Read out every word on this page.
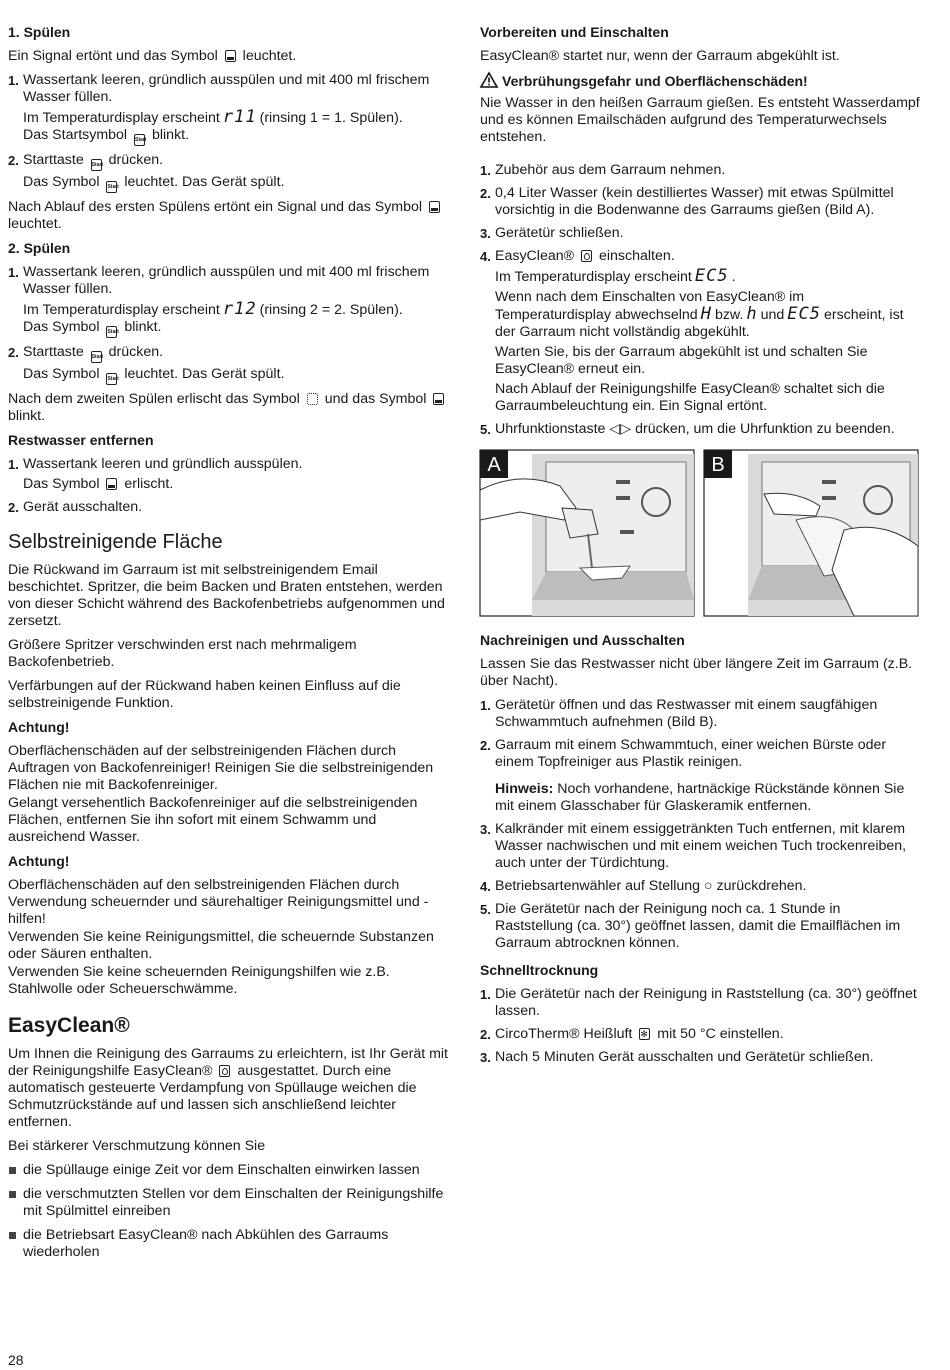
1. Spülen

Ein Signal ertönt und das Symbol  leuchtet.

1. Wassertank leeren, gründlich ausspülen und mit 400 ml frischem Wasser füllen.
Im Temperaturdisplay erscheint r11 (rinsing 1 = 1. Spülen).
Das Startsymbol Start blinkt.
2. Starttaste Start drücken.
Das Symbol Start leuchtet. Das Gerät spült.

Nach Ablauf des ersten Spülens ertönt ein Signal und das Symbol  leuchtet.

2. Spülen
1. Wassertank leeren, gründlich ausspülen und mit 400 ml frischem Wasser füllen.
Im Temperaturdisplay erscheint r12 (rinsing 2 = 2. Spülen).
Das Symbol Start blinkt.
2. Starttaste Start drücken.
Das Symbol Start leuchtet. Das Gerät spült.

Nach dem zweiten Spülen erlischt das Symbol und das Symbol  blinkt.

Restwasser entfernen
1. Wassertank leeren und gründlich ausspülen.
Das Symbol erlischt.
2. Gerät ausschalten.
Selbstreinigende Fläche

Die Rückwand im Garraum ist mit selbstreinigendem Email beschichtet. Spritzer, die beim Backen und Braten entstehen, werden von dieser Schicht während des Backofenbetriebs aufgenommen und zersetzt.

Größere Spritzer verschwinden erst nach mehrmaligem Backofenbetrieb.

Verfärbungen auf der Rückwand haben keinen Einfluss auf die selbstreinigende Funktion.

Achtung!

Oberflächenschäden auf der selbstreinigenden Flächen durch Auftragen von Backofenreiniger! Reinigen Sie die selbstreinigenden Flächen nie mit Backofenreiniger.

Gelangt versehentlich Backofenreiniger auf die selbstreinigenden Flächen, entfernen Sie ihn sofort mit einem Schwamm und ausreichend Wasser.

Achtung!

Oberflächenschäden auf den selbstreinigenden Flächen durch Verwendung scheuernder und säurehaltiger Reinigungsmittel und -hilfen!

Verwenden Sie keine Reinigungsmittel, die scheuernde Substanzen oder Säuren enthalten.

Verwenden Sie keine scheuernden Reinigungshilfen wie z.B. Stahlwolle oder Scheuerschwämme.

EasyClean®

Um Ihnen die Reinigung des Garraums zu erleichtern, ist Ihr Gerät mit der Reinigungshilfe EasyClean® ausgestattet. Durch eine automatisch gesteuerte Verdampfung von Spüllauge weichen die Schmutzrückstände auf und lassen sich anschließend leichter entfernen.

Bei stärkerer Verschmutzung können Sie

die Spüllauge einige Zeit vor dem Einschalten einwirken lassen
die verschmutzten Stellen vor dem Einschalten der Reinigungshilfe mit Spülmittel einreiben
die Betriebsart EasyClean® nach Abkühlen des Garraums wiederholen
Vorbereiten und Einschalten

EasyClean® startet nur, wenn der Garraum abgekühlt ist.

Verbrühungsgefahr und Oberflächenschäden!

Nie Wasser in den heißen Garraum gießen. Es entsteht Wasserdampf und es können Emailschäden aufgrund des Temperaturwechsels entstehen.

1. Zubehör aus dem Garraum nehmen.
2. 0,4 Liter Wasser (kein destilliertes Wasser) mit etwas Spülmittel vorsichtig in die Bodenwanne des Garraums gießen (Bild A).
3. Gerätetür schließen.
4. EasyClean® einschalten.
Im Temperaturdisplay erscheint EC5 .
Wenn nach dem Einschalten von EasyClean® im Temperaturdisplay abwechselnd H bzw. h und EC5 erscheint, ist der Garraum nicht vollständig abgekühlt.
Warten Sie, bis der Garraum abgekühlt ist und schalten Sie EasyClean® erneut ein.
Nach Ablauf der Reinigungshilfe EasyClean® schaltet sich die Garraumbeleuchtung ein. Ein Signal ertönt.
5. Uhrfunktionstaste ◁▷ drücken, um die Uhrfunktion zu beenden.
A	B
Nachreinigen und Ausschalten

Lassen Sie das Restwasser nicht über längere Zeit im Garraum (z.B. über Nacht).

1. Gerätetür öffnen und das Restwasser mit einem saugfähigen Schwammtuch aufnehmen (Bild B).
2. Garraum mit einem Schwammtuch, einer weichen Bürste oder einem Topfreiniger aus Plastik reinigen.
Hinweis: Noch vorhandene, hartnäckige Rückstände können Sie mit einem Glasschaber für Glaskeramik entfernen.
3. Kalkränder mit einem essiggetränkten Tuch entfernen, mit klarem Wasser nachwischen und mit einem weichen Tuch trockenreiben, auch unter der Türdichtung.
4. Betriebsartenwähler auf Stellung ○ zurückdrehen.
5. Die Gerätetür nach der Reinigung noch ca. 1 Stunde in Raststellung (ca. 30°) geöffnet lassen, damit die Emailflächen im Garraum abtrocknen können.
Schnelltrocknung
1. Die Gerätetür nach der Reinigung in Raststellung (ca. 30°) geöffnet lassen.
2. CircoTherm® Heißluft ✻ mit 50 °C einstellen.
3. Nach 5 Minuten Gerät ausschalten und Gerätetür schließen.
28
